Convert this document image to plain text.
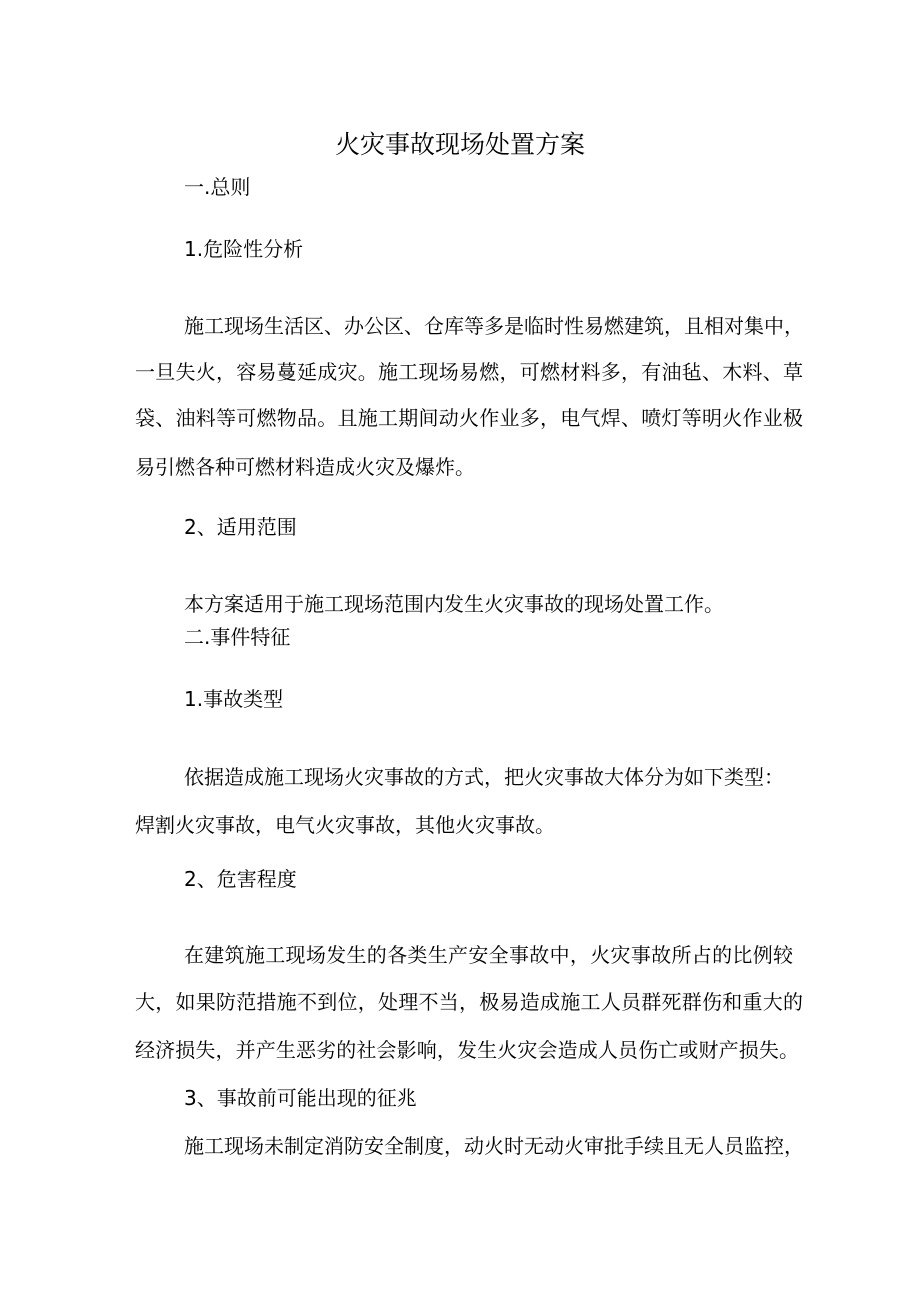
火灾事故现场处置方案
一.总则
1.危险性分析
施工现场生活区、办公区、仓库等多是临时性易燃建筑，且相对集中，
一旦失火，容易蔓延成灾。施工现场易燃，可燃材料多，有油毡、木料、草
袋、油料等可燃物品。且施工期间动火作业多，电气焊、喷灯等明火作业极
易引燃各种可燃材料造成火灾及爆炸。
2、适用范围
本方案适用于施工现场范围内发生火灾事故的现场处置工作。
二.事件特征
1.事故类型
依据造成施工现场火灾事故的方式，把火灾事故大体分为如下类型：
焊割火灾事故，电气火灾事故，其他火灾事故。
2、危害程度
在建筑施工现场发生的各类生产安全事故中，火灾事故所占的比例较
大，如果防范措施不到位，处理不当，极易造成施工人员群死群伤和重大的
经济损失，并产生恶劣的社会影响，发生火灾会造成人员伤亡或财产损失。
3、事故前可能出现的征兆
施工现场未制定消防安全制度，动火时无动火审批手续且无人员监控，
